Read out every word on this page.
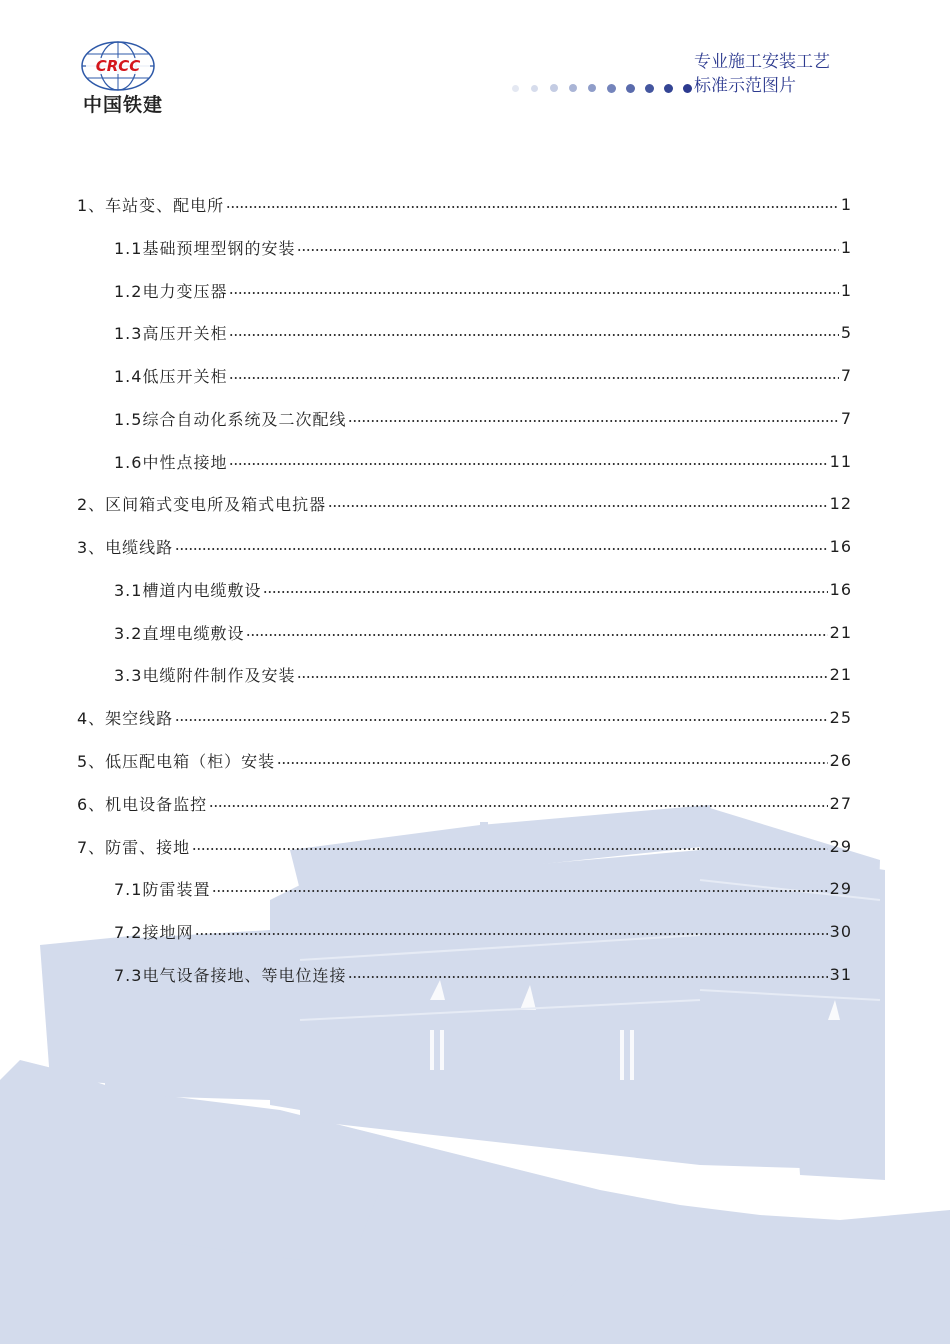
CRCC
中国铁建
专业施工安装工艺
标准示范图片
1、车站变、配电所	1
1.1基础预埋型钢的安装	1
1.2电力变压器	1
1.3高压开关柜	5
1.4低压开关柜	7
1.5综合自动化系统及二次配线	7
1.6中性点接地	11
2、区间箱式变电所及箱式电抗器	12
3、电缆线路	16
3.1槽道内电缆敷设	16
3.2直埋电缆敷设	21
3.3电缆附件制作及安装	21
4、架空线路	25
5、低压配电箱（柜）安装	26
6、机电设备监控	27
7、防雷、接地	29
7.1防雷装置	29
7.2接地网	30
7.3电气设备接地、等电位连接	31
